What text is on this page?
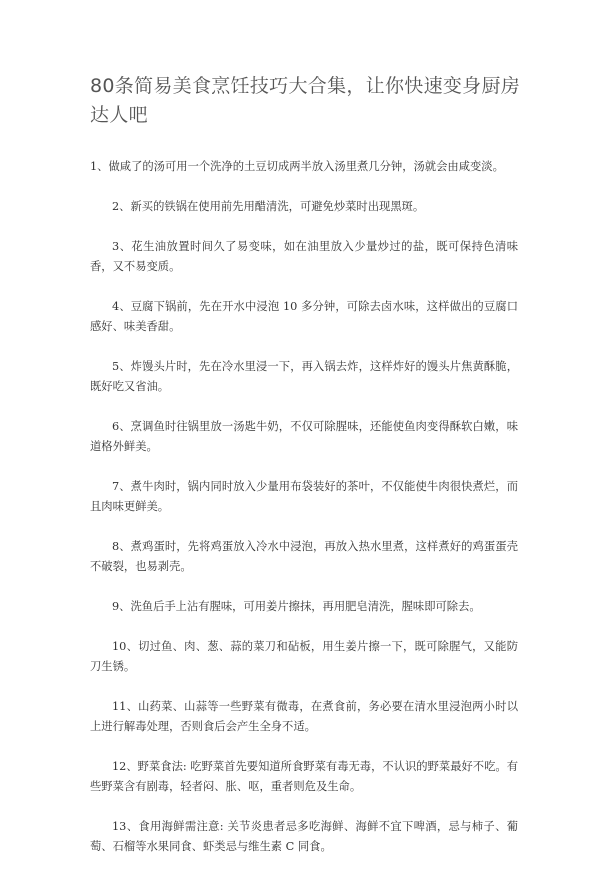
80条简易美食烹饪技巧大合集，让你快速变身厨房达人吧
1、做咸了的汤可用一个洗净的土豆切成两半放入汤里煮几分钟，汤就会由咸变淡。
2、新买的铁锅在使用前先用醋清洗，可避免炒菜时出现黑斑。
3、花生油放置时间久了易变味，如在油里放入少量炒过的盐，既可保持色清味香，又不易变质。
4、豆腐下锅前，先在开水中浸泡 10 多分钟，可除去卤水味，这样做出的豆腐口感好、味美香甜。
5、炸馒头片时，先在冷水里浸一下，再入锅去炸，这样炸好的馒头片焦黄酥脆，既好吃又省油。
6、烹调鱼时往锅里放一汤匙牛奶，不仅可除腥味，还能使鱼肉变得酥软白嫩，味道格外鲜美。
7、煮牛肉时，锅内同时放入少量用布袋装好的茶叶，不仅能使牛肉很快煮烂，而且肉味更鲜美。
8、煮鸡蛋时，先将鸡蛋放入冷水中浸泡，再放入热水里煮，这样煮好的鸡蛋蛋壳不破裂，也易剥壳。
9、洗鱼后手上沾有腥味，可用姜片擦抹，再用肥皂清洗，腥味即可除去。
10、切过鱼、肉、葱、蒜的菜刀和砧板，用生姜片擦一下，既可除腥气，又能防刀生锈。
11、山药菜、山蒜等一些野菜有微毒，在煮食前，务必要在清水里浸泡两小时以上进行解毒处理，否则食后会产生全身不适。
12、野菜食法: 吃野菜首先要知道所食野菜有毒无毒，不认识的野菜最好不吃。有些野菜含有剧毒，轻者闷、胀、呕，重者则危及生命。
13、食用海鲜需注意: 关节炎患者忌多吃海鲜、海鲜不宜下啤酒，忌与柿子、葡萄、石榴等水果同食、虾类忌与维生素 C 同食。
